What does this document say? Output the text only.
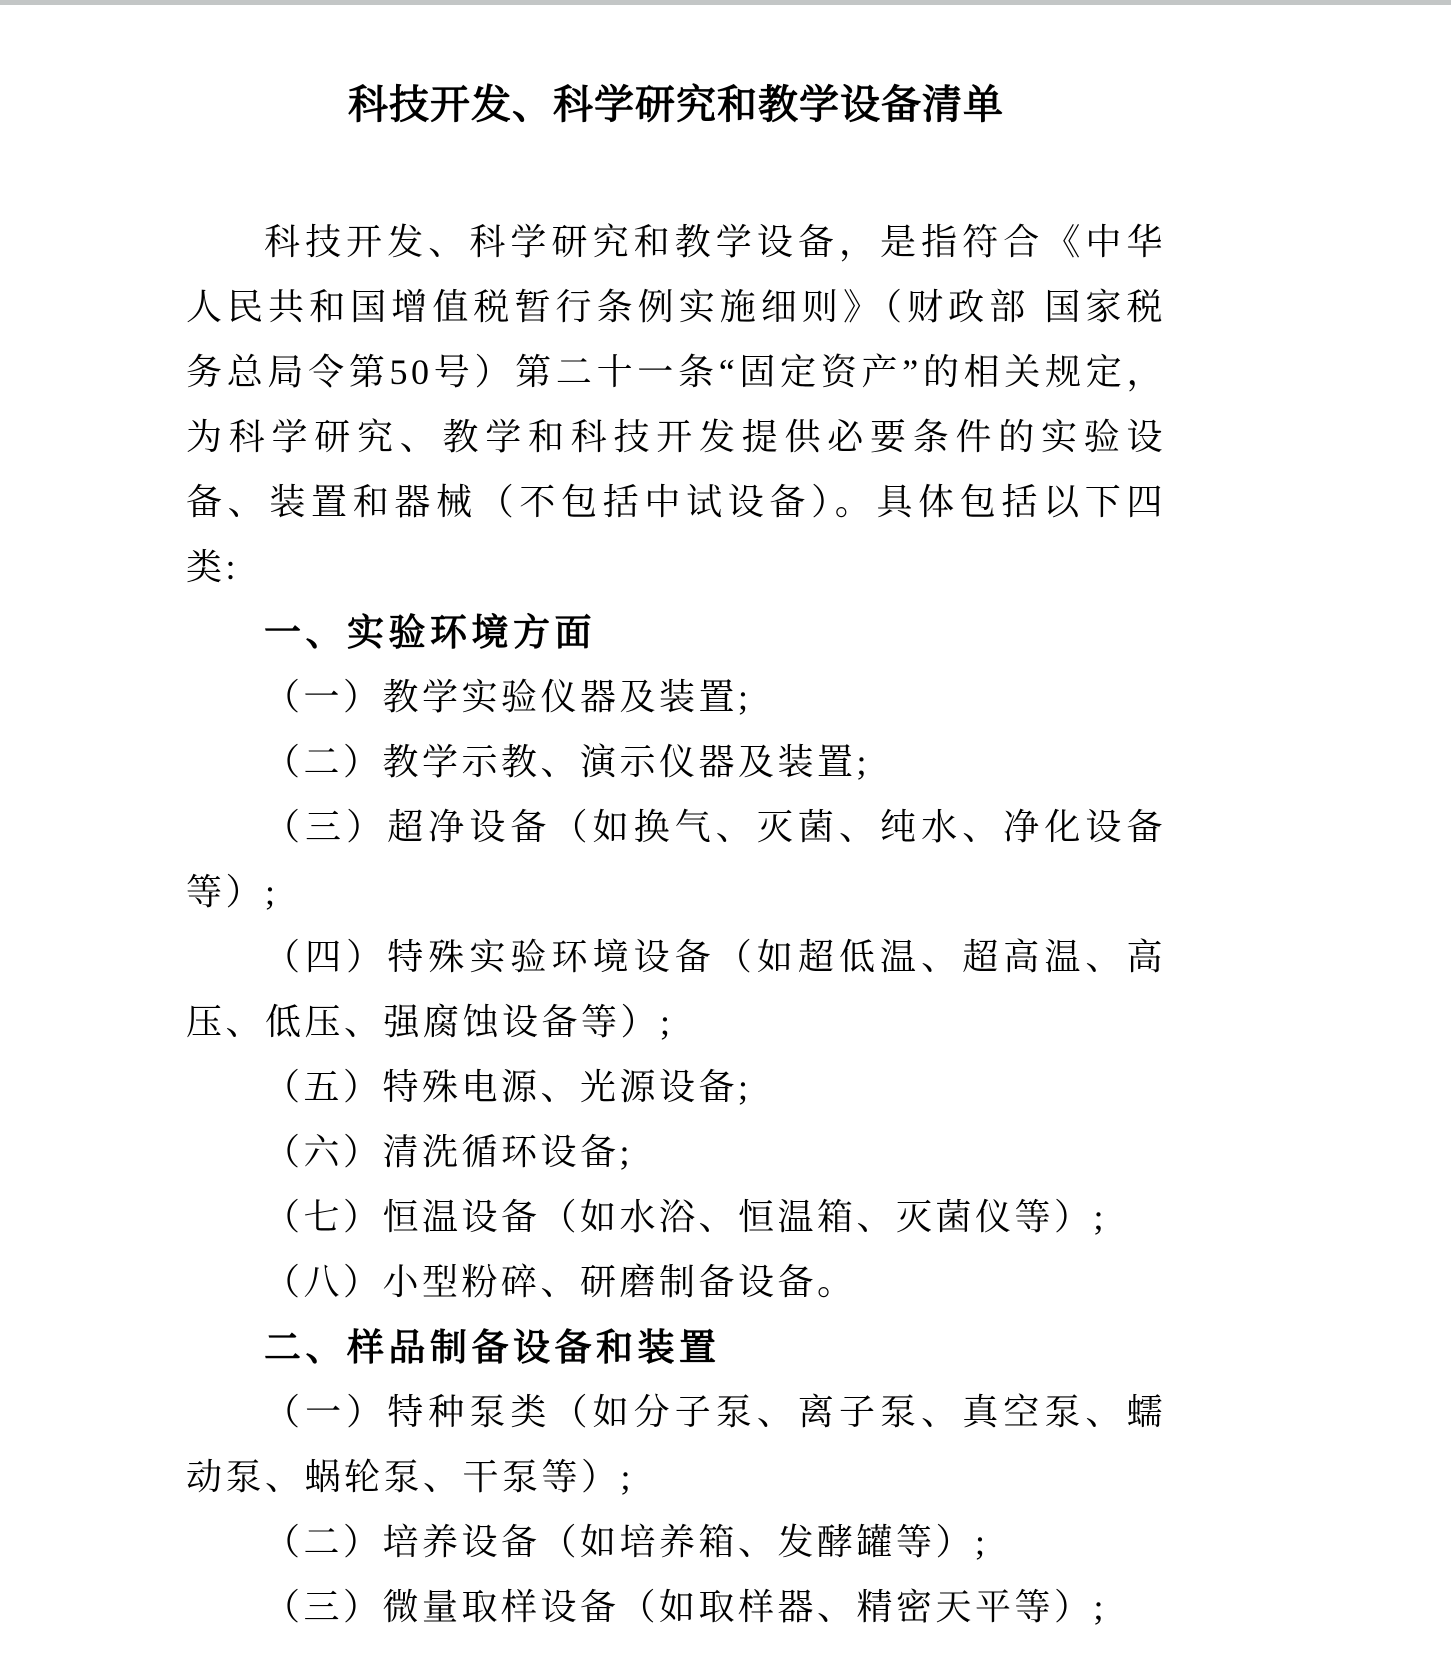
科技开发、科学研究和教学设备清单

科技开发、科学研究和教学设备，是指符合《中华人民共和国增值税暂行条例实施细则》（财政部 国家税务总局令第50号）第二十一条“固定资产”的相关规定，为科学研究、教学和科技开发提供必要条件的实验设备、装置和器械（不包括中试设备）。具体包括以下四类:

一、实验环境方面

（一）教学实验仪器及装置;

（二）教学示教、演示仪器及装置;

（三）超净设备（如换气、灭菌、纯水、净化设备等）;

（四）特殊实验环境设备（如超低温、超高温、高压、低压、强腐蚀设备等）;

（五）特殊电源、光源设备;

（六）清洗循环设备;

（七）恒温设备（如水浴、恒温箱、灭菌仪等）;

（八）小型粉碎、研磨制备设备。

二、样品制备设备和装置

（一）特种泵类（如分子泵、离子泵、真空泵、蠕动泵、蜗轮泵、干泵等）;

（二）培养设备（如培养箱、发酵罐等）;

（三）微量取样设备（如取样器、精密天平等）;
